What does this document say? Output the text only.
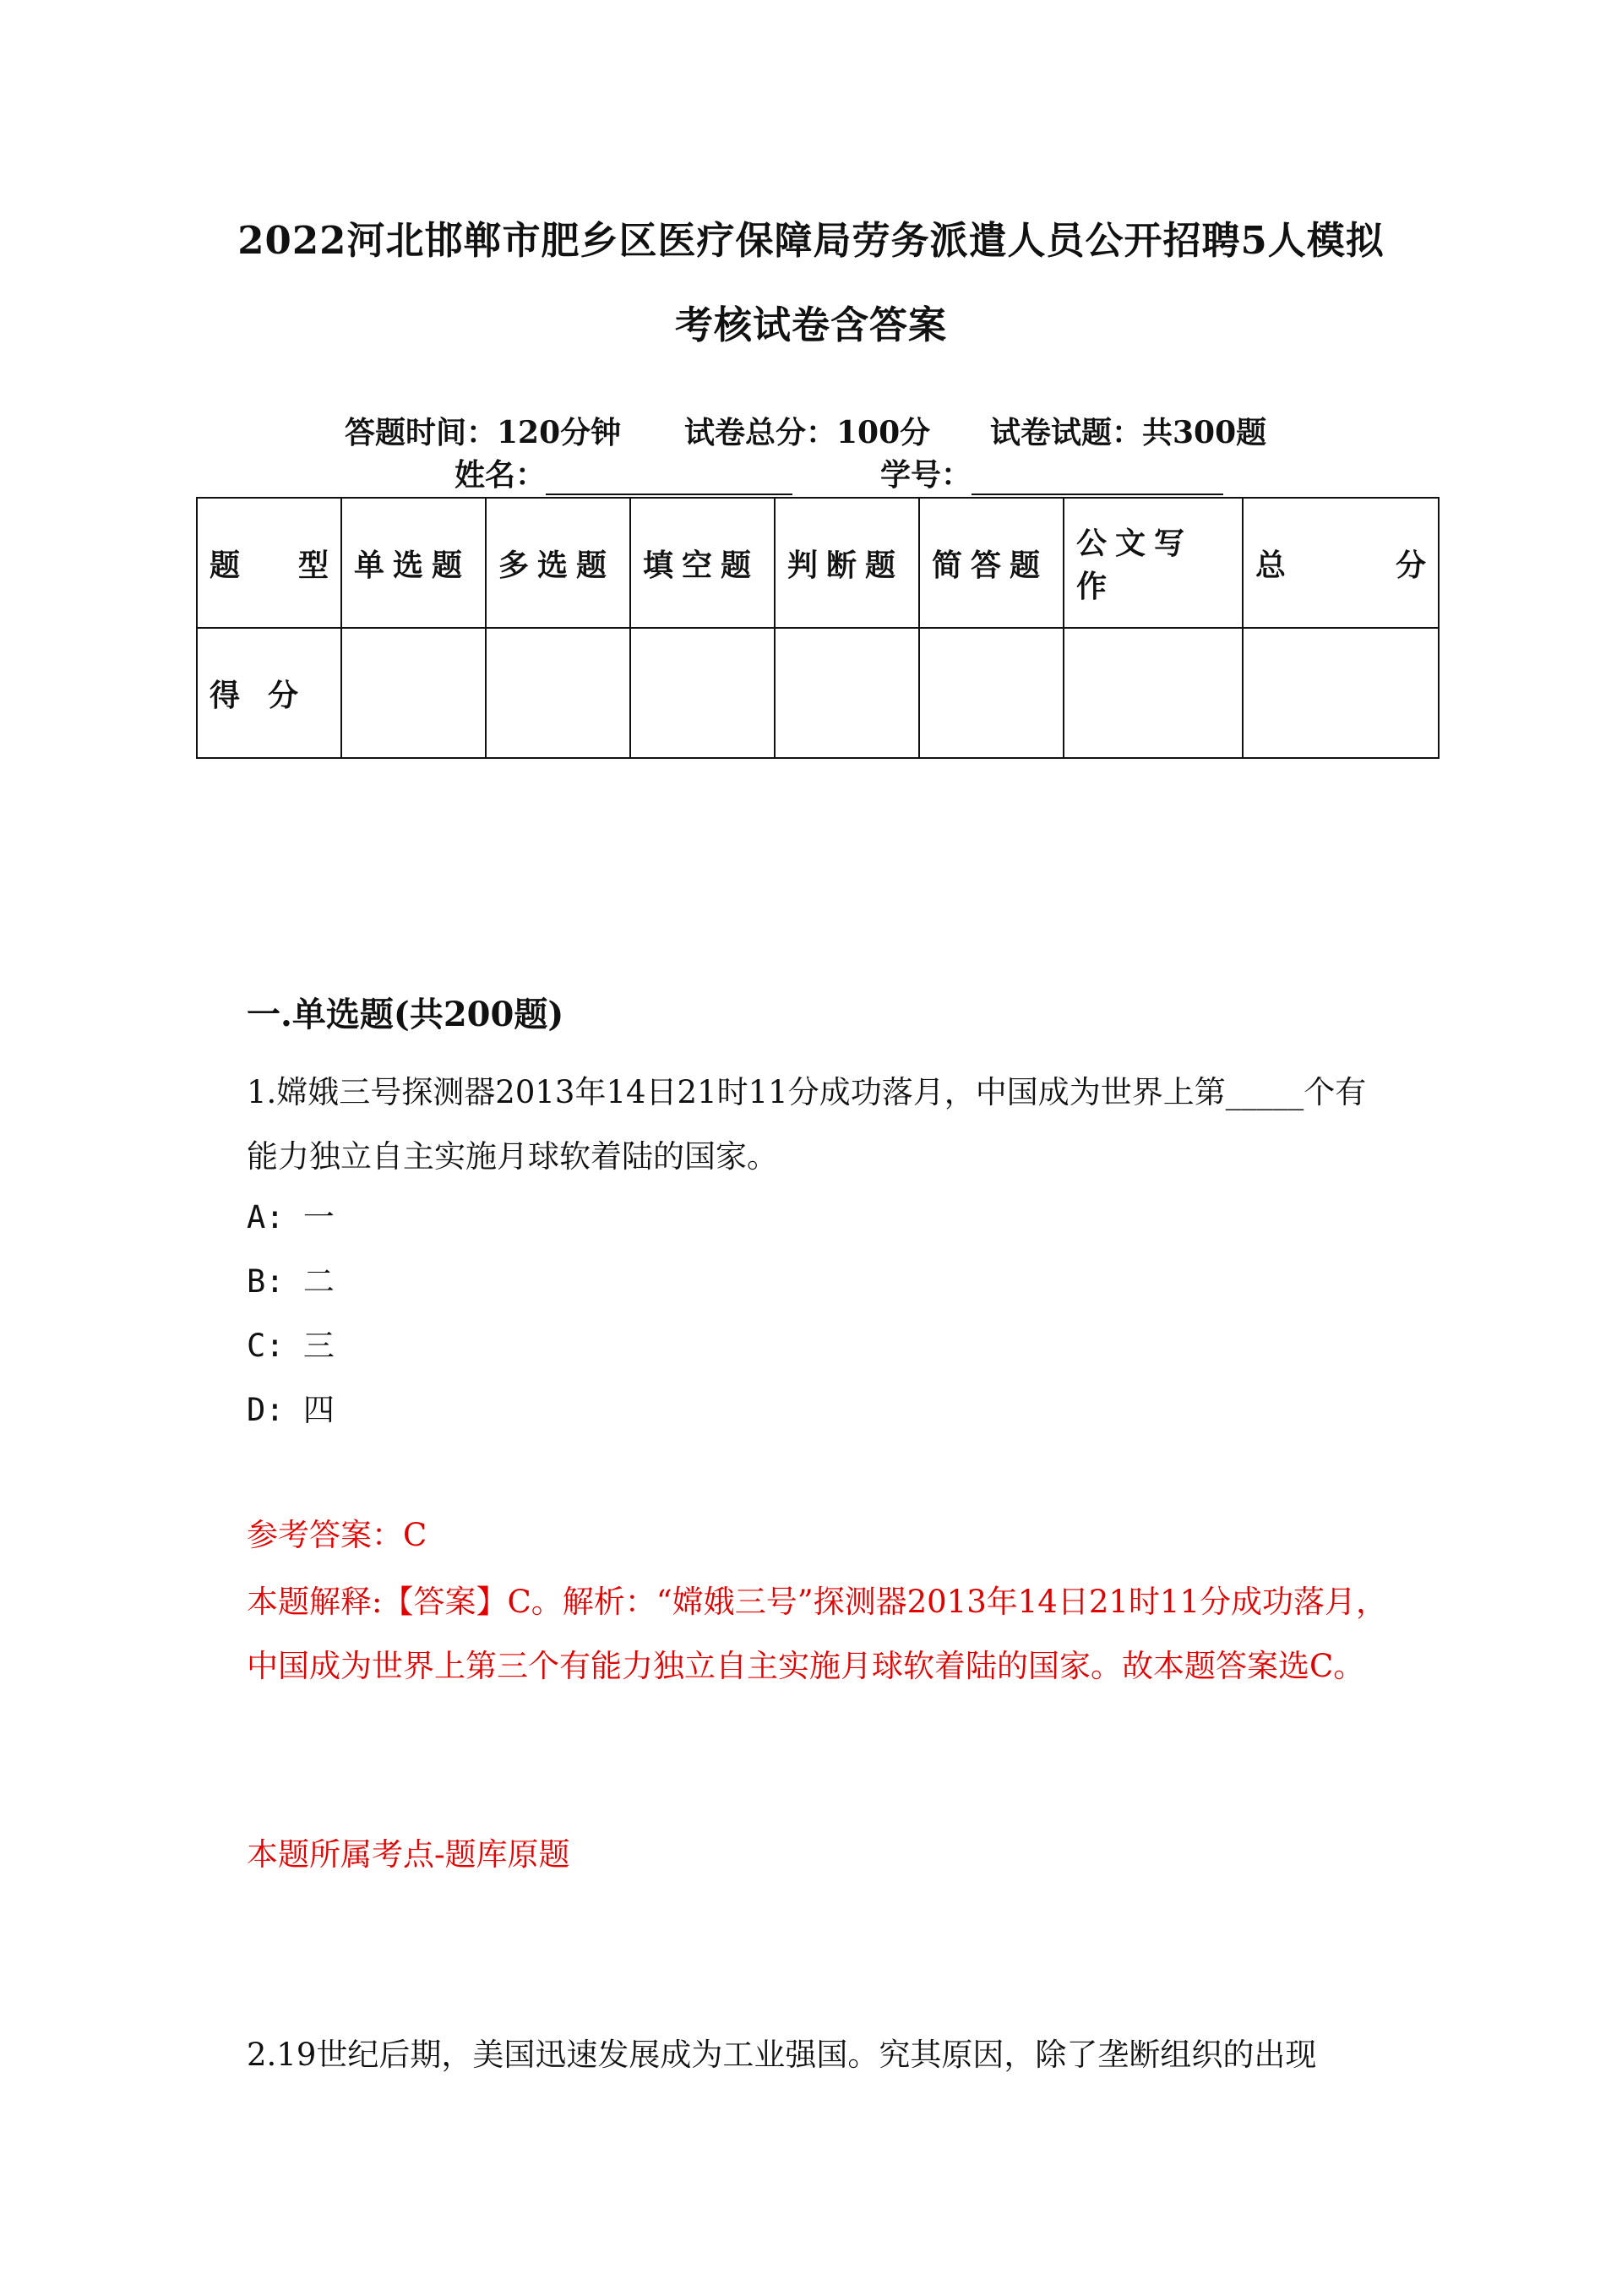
2022河北邯郸市肥乡区医疗保障局劳务派遣人员公开招聘5人模拟
考核试卷含答案
答题时间：120分钟 试卷总分：100分 试卷试题：共300题
姓名：	学号：
题 型	单选题	多选题	填空题	判断题	简答题	公文写作	总 分

得 分							

一.单选题(共200题)
1.嫦娥三号探测器2013年14日21时11分成功落月，中国成为世界上第_____个有能力独立自主实施月球软着陆的国家。
A: 一
B: 二
C: 三
D: 四
参考答案：C
本题解释:【答案】C。解析：“嫦娥三号”探测器2013年14日21时11分成功落月，中国成为世界上第三个有能力独立自主实施月球软着陆的国家。故本题答案选C。
本题所属考点-题库原题
2.19世纪后期，美国迅速发展成为工业强国。究其原因，除了垄断组织的出现
